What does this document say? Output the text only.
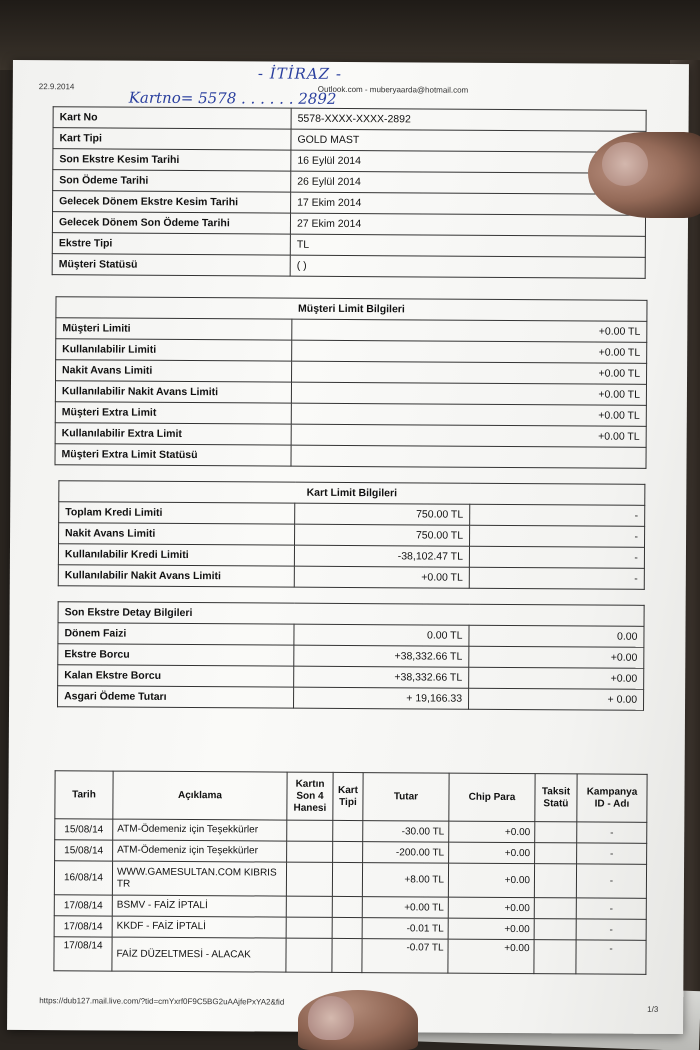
22.9.2014	Outlook.com - muberyaarda@hotmail.com
- İTİRAZ -
Kartno= 5578 . . . . . . 2892
Kart No	5578-XXXX-XXXX-2892
Kart Tipi	GOLD MAST
Son Ekstre Kesim Tarihi	16 Eylül 2014
Son Ödeme Tarihi	26 Eylül 2014
Gelecek Dönem Ekstre Kesim Tarihi	17 Ekim 2014
Gelecek Dönem Son Ödeme Tarihi	27 Ekim 2014
Ekstre Tipi	TL
Müşteri Statüsü	( )
Müşteri Limit Bilgileri	
Müşteri Limiti	+0.00 TL
Kullanılabilir Limiti	+0.00 TL
Nakit Avans Limiti	+0.00 TL
Kullanılabilir Nakit Avans Limiti	+0.00 TL
Müşteri Extra Limit	+0.00 TL
Kullanılabilir Extra Limit	+0.00 TL
Müşteri Extra Limit Statüsü	
Kart Limit Bilgileri		
Toplam Kredi Limiti	750.00 TL	-
Nakit Avans Limiti	750.00 TL	-
Kullanılabilir Kredi Limiti	-38,102.47 TL	-
Kullanılabilir Nakit Avans Limiti	+0.00 TL	-
Son Ekstre Detay Bilgileri		
Dönem Faizi	0.00 TL	0.00
Ekstre Borcu	+38,332.66 TL	+0.00
Kalan Ekstre Borcu	+38,332.66 TL	+0.00
Asgari Ödeme Tutarı	+ 19,166.33	+ 0.00
Tarih	Açıklama	Kartın Son 4 Hanesi	Kart Tipi	Tutar	Chip Para	Taksit Statü	Kampanya ID - Adı
15/08/14	ATM-Ödemeniz için Teşekkürler			-30.00 TL	+0.00		-
15/08/14	ATM-Ödemeniz için Teşekkürler			-200.00 TL	+0.00		-
16/08/14	WWW.GAMESULTAN.COM KIBRIS TR			+8.00 TL	+0.00		-
17/08/14	BSMV - FAİZ İPTALİ			+0.00 TL	+0.00		-
17/08/14	KKDF - FAİZ İPTALİ			-0.01 TL	+0.00		-
17/08/14	FAİZ DÜZELTMESİ - ALACAK			-0.07 TL	+0.00		-
https://dub127.mail.live.com/?tid=cmYxrf0F9C5BG2uAAjfePxYA2&fid
1/3
